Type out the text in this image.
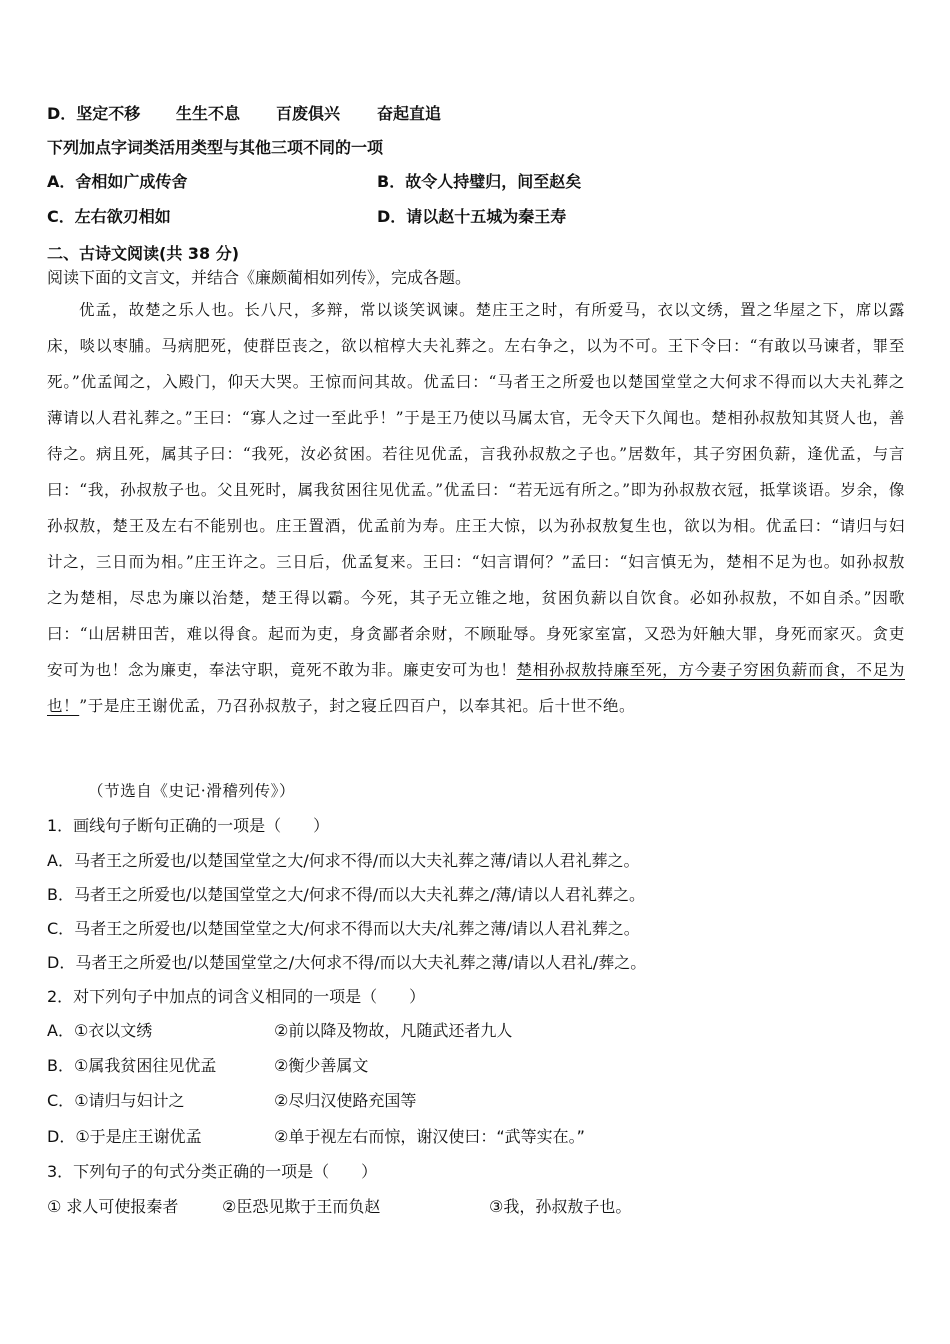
D．坚定不移 生生不息 百废俱兴 奋起直追
下列加点字词类活用类型与其他三项不同的一项
A．舍相如广成传舍	B．故令人持璧归，间至赵矣
C．左右欲刃相如	D．请以赵十五城为秦王寿
二、古诗文阅读(共 38 分)
阅读下面的文言文，并结合《廉颇蔺相如列传》，完成各题。
优孟，故楚之乐人也。长八尺，多辩，常以谈笑讽谏。楚庄王之时，有所爱马，衣以文绣，置之华屋之下，席以露床，啖以枣脯。马病肥死，使群臣丧之，欲以棺椁大夫礼葬之。左右争之，以为不可。王下令曰：“有敢以马谏者，罪至死。”优孟闻之，入殿门，仰天大哭。王惊而问其故。优孟曰：“马者王之所爱也以楚国堂堂之大何求不得而以大夫礼葬之薄请以人君礼葬之。”王曰：“寡人之过一至此乎！”于是王乃使以马属太官，无令天下久闻也。楚相孙叔敖知其贤人也，善待之。病且死，属其子曰：“我死，汝必贫困。若往见优孟，言我孙叔敖之子也。”居数年，其子穷困负薪，逢优孟，与言曰：“我，孙叔敖子也。父且死时，属我贫困往见优孟。”优孟曰：“若无远有所之。”即为孙叔敖衣冠，抵掌谈语。岁余，像孙叔敖，楚王及左右不能别也。庄王置酒，优孟前为寿。庄王大惊，以为孙叔敖复生也，欲以为相。优孟曰：“请归与妇计之，三日而为相。”庄王许之。三日后，优孟复来。王曰：“妇言谓何？”孟曰：“妇言慎无为，楚相不足为也。如孙叔敖之为楚相，尽忠为廉以治楚，楚王得以霸。今死，其子无立锥之地，贫困负薪以自饮食。必如孙叔敖，不如自杀。”因歌曰：“山居耕田苦，难以得食。起而为吏，身贪鄙者余财，不顾耻辱。身死家室富，又恐为奸触大罪，身死而家灭。贪吏安可为也！念为廉吏，奉法守职，竟死不敢为非。廉吏安可为也！楚相孙叔敖持廉至死，方今妻子穷困负薪而食，不足为也！”于是庄王谢优孟，乃召孙叔敖子，封之寝丘四百户，以奉其祀。后十世不绝。
（节选自《史记·滑稽列传》）
1．画线句子断句正确的一项是（　　）
A．马者王之所爱也/以楚国堂堂之大/何求不得/而以大夫礼葬之薄/请以人君礼葬之。
B．马者王之所爱也/以楚国堂堂之大/何求不得/而以大夫礼葬之/薄/请以人君礼葬之。
C．马者王之所爱也/以楚国堂堂之大/何求不得而以大夫/礼葬之薄/请以人君礼葬之。
D．马者王之所爱也/以楚国堂堂之/大何求不得/而以大夫礼葬之薄/请以人君礼/葬之。
2．对下列句子中加点的词含义相同的一项是（　　）
A．①衣以文绣	②前以降及物故，凡随武还者九人
B．①属我贫困往见优孟	②衡少善属文
C．①请归与妇计之	②尽归汉使路充国等
D．①于是庄王谢优孟	②单于视左右而惊，谢汉使曰：“武等实在。”
3．下列句子的句式分类正确的一项是（　　）
① 求人可使报秦者	②臣恐见欺于王而负赵	③我，孙叔敖子也。
